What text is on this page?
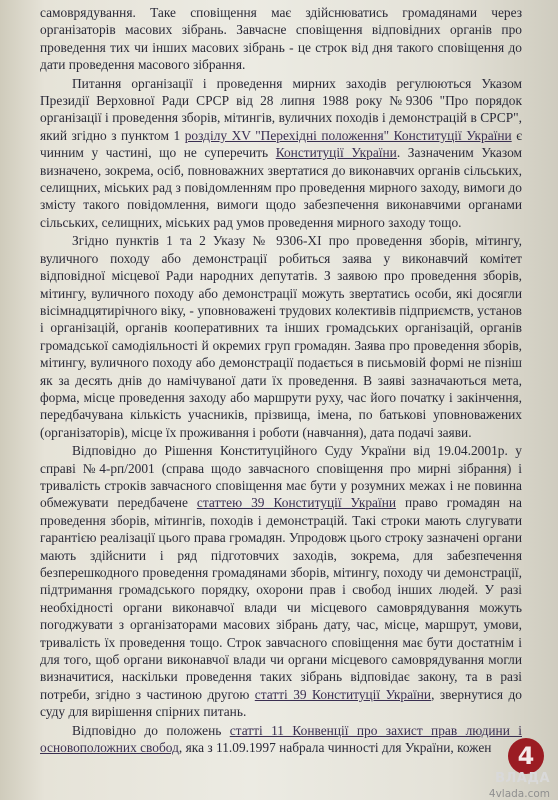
самоврядування. Таке сповіщення має здійснюватись громадянами через організаторів масових зібрань. Завчасне сповіщення відповідних органів про проведення тих чи інших масових зібрань - це строк від дня такого сповіщення до дати проведення масового зібрання.

Питання організації і проведення мирних заходів регулюються Указом Президії Верховної Ради СРСР від 28 липня 1988 року №9306 "Про порядок організації і проведення зборів, мітингів, вуличних походів і демонстрацій в СРСР", який згідно з пунктом 1 розділу XV "Перехідні положення" Конституції України є чинним у частині, що не суперечить Конституції України. Зазначеним Указом визначено, зокрема, осіб, повноважних звертатися до виконавчих органів сільських, селищних, міських рад з повідомленням про проведення мирного заходу, вимоги до змісту такого повідомлення, вимоги щодо забезпечення виконавчими органами сільських, селищних, міських рад умов проведення мирного заходу тощо.

Згідно пунктів 1 та 2 Указу № 9306-XI про проведення зборів, мітингу, вуличного походу або демонстрації робиться заява у виконавчий комітет відповідної місцевої Ради народних депутатів. З заявою про проведення зборів, мітингу, вуличного походу або демонстрації можуть звертатись особи, які досягли вісімнадцятирічного віку, - уповноважені трудових колективів підприємств, установ і організацій, органів кооперативних та інших громадських організацій, органів громадської самодіяльності й окремих груп громадян. Заява про проведення зборів, мітингу, вуличного походу або демонстрації подається в письмовій формі не пізніш як за десять днів до намічуваної дати їх проведення. В заяві зазначаються мета, форма, місце проведення заходу або маршрути руху, час його початку і закінчення, передбачувана кількість учасників, прізвища, імена, по батькові уповноважених (організаторів), місце їх проживання і роботи (навчання), дата подачі заяви.

Відповідно до Рішення Конституційного Суду України від 19.04.2001р. у справі №4-рп/2001 (справа щодо завчасного сповіщення про мирні зібрання) і тривалість строків завчасного сповіщення має бути у розумних межах і не повинна обмежувати передбачене статтею 39 Конституції України право громадян на проведення зборів, мітингів, походів і демонстрацій. Такі строки мають слугувати гарантією реалізації цього права громадян. Упродовж цього строку зазначені органи мають здійснити і ряд підготовчих заходів, зокрема, для забезпечення безперешкодного проведення громадянами зборів, мітингу, походу чи демонстрації, підтримання громадського порядку, охорони прав і свобод інших людей. У разі необхідності органи виконавчої влади чи місцевого самоврядування можуть погоджувати з організаторами масових зібрань дату, час, місце, маршрут, умови, тривалість їх проведення тощо. Строк завчасного сповіщення має бути достатнім і для того, щоб органи виконавчої влади чи органи місцевого самоврядування могли визначитися, наскільки проведення таких зібрань відповідає закону, та в разі потреби, згідно з частиною другою статті 39 Конституції України, звернутися до суду для вирішення спірних питань.

Відповідно до положень статті 11 Конвенції про захист прав людини і основоположних свобод, яка з 11.09.1997 набрала чинності для України, кожен	4
ВЛАДА
4vlada.com
